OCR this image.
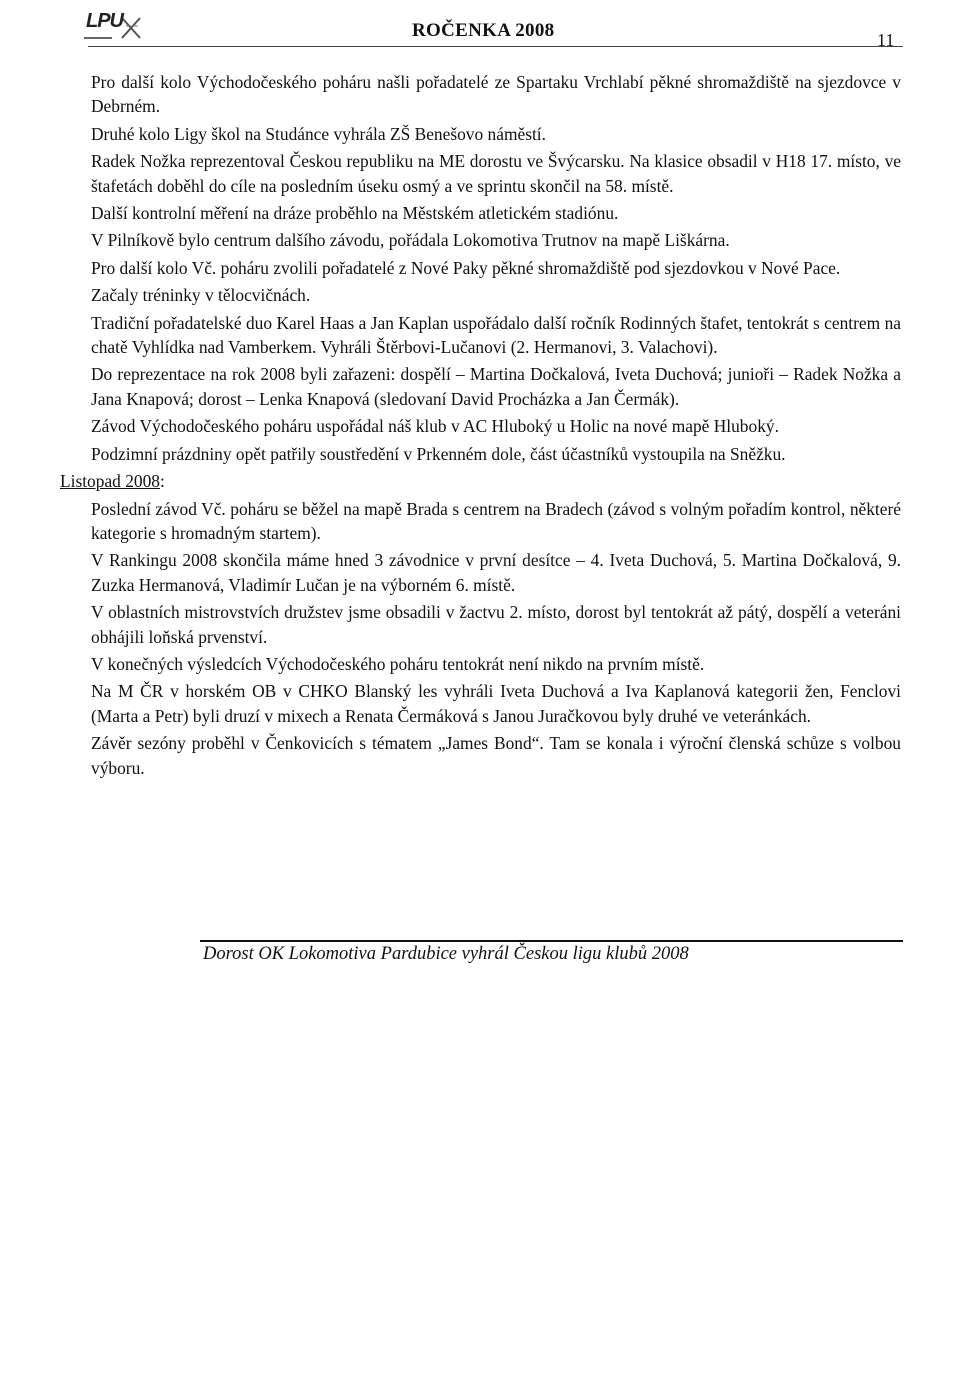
LPU	ROČENKA 2008	11

Pro další kolo Východočeského poháru našli pořadatelé ze Spartaku Vrchlabí pěkné shromaždiště na sjezdovce v Debrném.

Druhé kolo Ligy škol na Studánce vyhrála ZŠ Benešovo náměstí.

Radek Nožka reprezentoval Českou republiku na ME dorostu ve Švýcarsku. Na klasice obsadil v H18 17. místo, ve štafetách doběhl do cíle na posledním úseku osmý a ve sprintu skončil na 58. místě.

Další kontrolní měření na dráze proběhlo na Městském atletickém stadiónu.

V Pilníkově bylo centrum dalšího závodu, pořádala Lokomotiva Trutnov na mapě Liškárna.

Pro další kolo Vč. poháru zvolili pořadatelé z Nové Paky pěkné shromaždiště pod sjezdovkou v Nové Pace.

Začaly tréninky v tělocvičnách.

Tradiční pořadatelské duo Karel Haas a Jan Kaplan uspořádalo další ročník Rodinných štafet, tentokrát s centrem na chatě Vyhlídka nad Vamberkem. Vyhráli Štěrbovi-Lučanovi (2. Hermanovi, 3. Valachovi).

Do reprezentace na rok 2008 byli zařazeni: dospělí – Martina Dočkalová, Iveta Duchová; junioři – Radek Nožka a Jana Knapová; dorost – Lenka Knapová (sledovaní David Procházka a Jan Čermák).

Závod Východočeského poháru uspořádal náš klub v AC Hluboký u Holic na nové mapě Hluboký.

Podzimní prázdniny opět patřily soustředění v Prkenném dole, část účastníků vystoupila na Sněžku.

Listopad 2008:

Poslední závod Vč. poháru se běžel na mapě Brada s centrem na Bradech (závod s volným pořadím kontrol, některé kategorie s hromadným startem).

V Rankingu 2008 skončila máme hned 3 závodnice v první desítce – 4. Iveta Duchová, 5. Martina Dočkalová, 9. Zuzka Hermanová, Vladimír Lučan je na výborném 6. místě.

V oblastních mistrovstvích družstev jsme obsadili v žactvu 2. místo, dorost byl tentokrát až pátý, dospělí a veteráni obhájili loňská prvenství.

V konečných výsledcích Východočeského poháru tentokrát není nikdo na prvním místě.

Na M ČR v horském OB v CHKO Blanský les vyhráli Iveta Duchová a Iva Kaplanová kategorii žen, Fenclovi (Marta a Petr) byli druzí v mixech a Renata Čermáková s Janou Juračkovou byly druhé ve veteránkách.

Závěr sezóny proběhl v Čenkovicích s tématem „James Bond“. Tam se konala i výroční členská schůze s volbou výboru.

Dorost OK Lokomotiva Pardubice vyhrál Českou ligu klubů 2008
